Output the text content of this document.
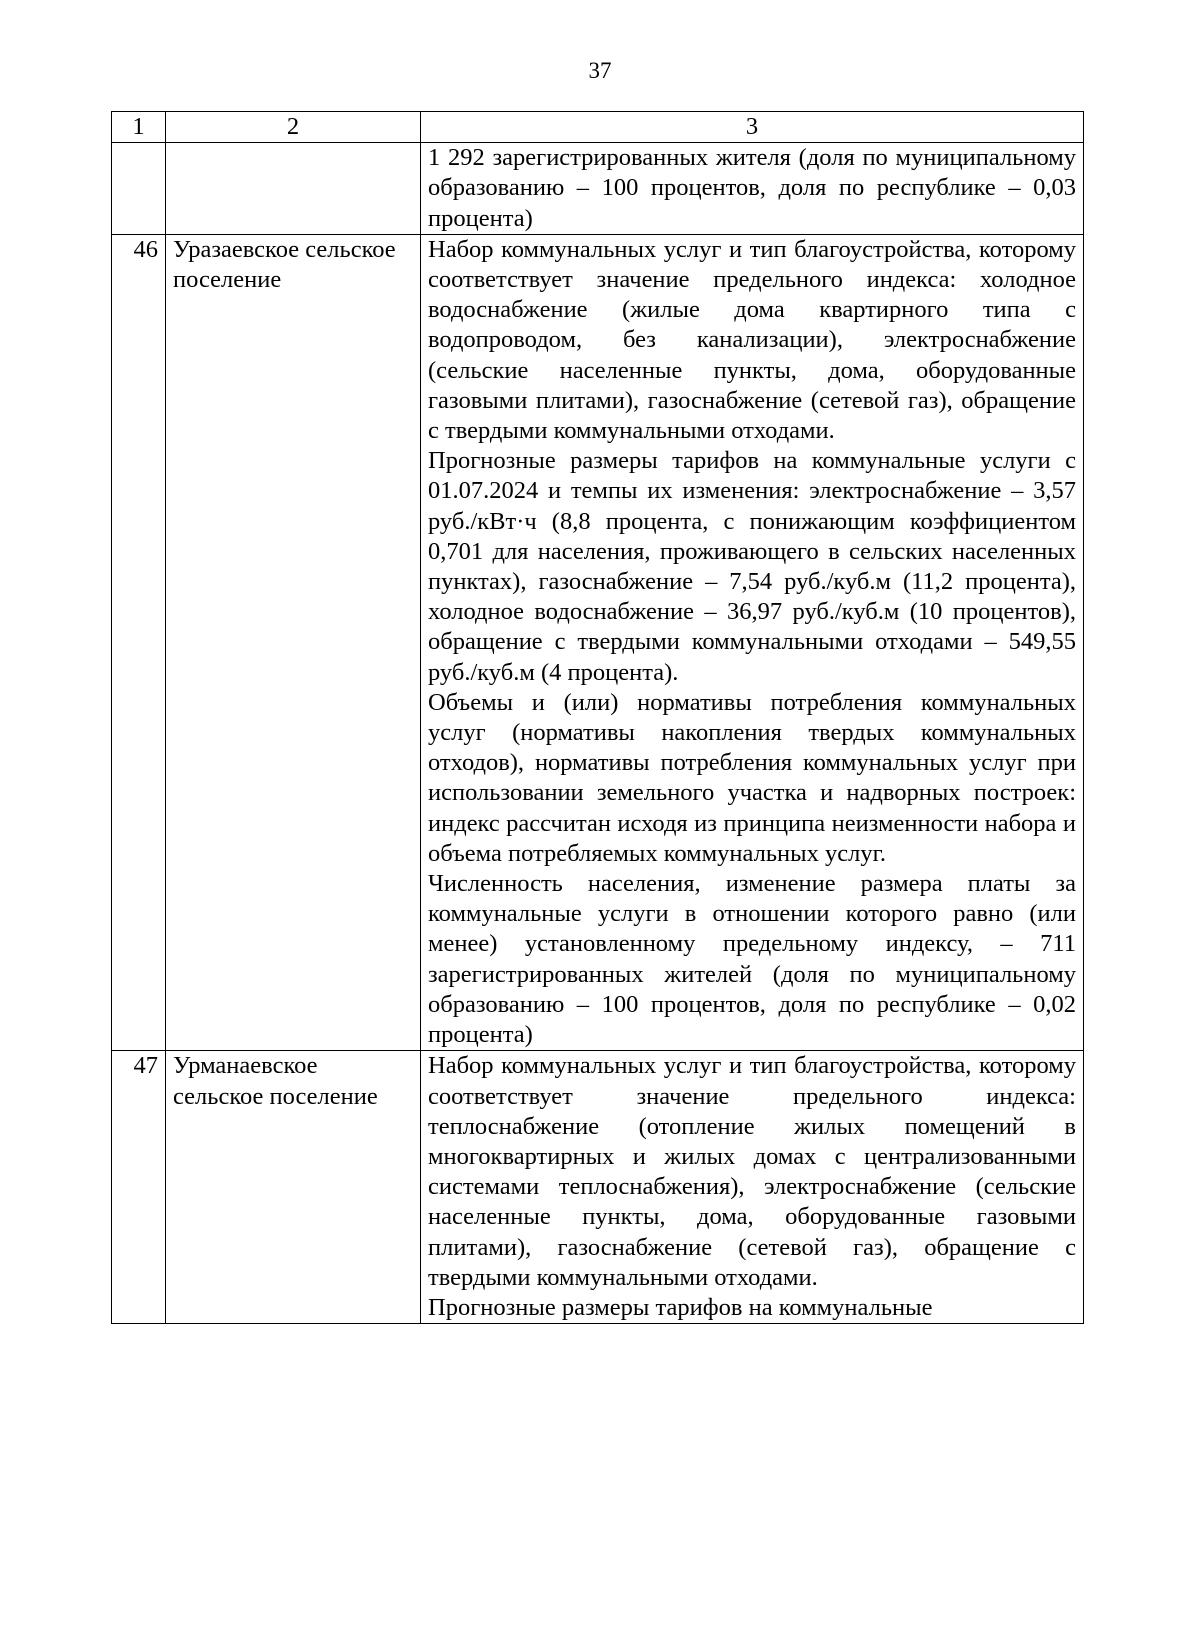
37
1	2	3

		1 292 зарегистрированных жителя (доля по муниципальному образованию – 100 процентов, доля по республике – 0,03 процента)

46	Уразаевское сельское поселение	Набор коммунальных услуг и тип благоустройства, которому соответствует значение предельного индекса: холодное водоснабжение (жилые дома квартирного типа с водопроводом, без канализации), электроснабжение (сельские населенные пункты, дома, оборудованные газовыми плитами), газоснабжение (сетевой газ), обращение с твердыми коммунальными отходами.

Прогнозные размеры тарифов на коммунальные услуги с 01.07.2024 и темпы их изменения: электроснабжение – 3,57 руб./кВт·ч (8,8 процента, с понижающим коэффициентом 0,701 для населения, проживающего в сельских населенных пунктах), газоснабжение – 7,54 руб./куб.м (11,2 процента), холодное водоснабжение – 36,97 руб./куб.м (10 процентов), обращение с твердыми коммунальными отходами – 549,55 руб./куб.м (4 процента).

Объемы и (или) нормативы потребления коммунальных услуг (нормативы накопления твердых коммунальных отходов), нормативы потребления коммунальных услуг при использовании земельного участка и надворных построек: индекс рассчитан исходя из принципа неизменности набора и объема потребляемых коммунальных услуг.

Численность населения, изменение размера платы за коммунальные услуги в отношении которого равно (или менее) установленному предельному индексу, – 711 зарегистрированных жителей (доля по муниципальному образованию – 100 процентов, доля по республике – 0,02 процента)

47	Урманаевское сельское поселение	Набор коммунальных услуг и тип благоустройства, которому соответствует значение предельного индекса: теплоснабжение (отопление жилых помещений в многоквартирных и жилых домах с централизованными системами теплоснабжения), электроснабжение (сельские населенные пункты, дома, оборудованные газовыми плитами), газоснабжение (сетевой газ), обращение с твердыми коммунальными отходами.

Прогнозные размеры тарифов на коммунальные
